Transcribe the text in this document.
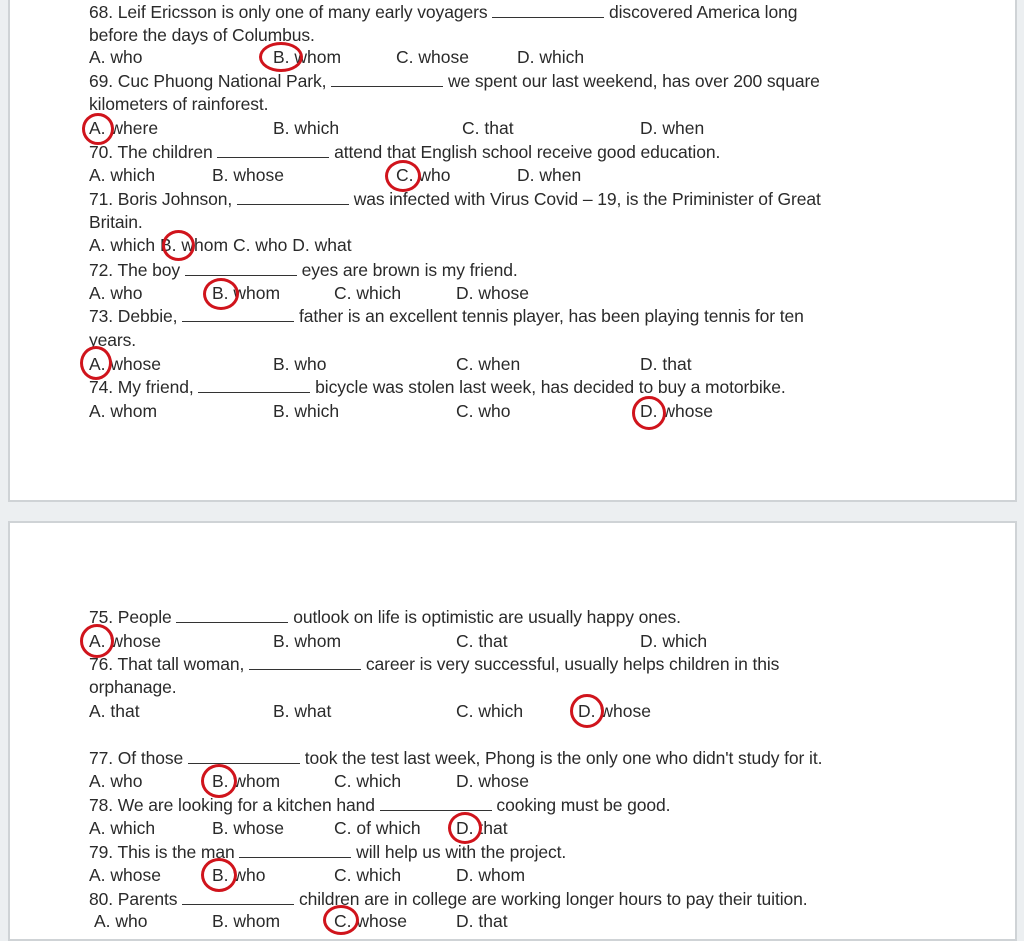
68. Leif Ericsson is only one of many early voyagers	discovered America long
before the days of Columbus.
A. who	B. whom	C. whose	D. which
69. Cuc Phuong National Park,	we spent our last weekend, has over 200 square
kilometers of rainforest.
A. where	B. which	C. that	D. when
70. The children	attend that English school receive good education.
A. which	B. whose	C. who	D. when
71. Boris Johnson,	was infected with Virus Covid – 19, is the Priminister of Great
Britain.
A. which B. whom C. who D. what
72. The boy	eyes are brown is my friend.
A. who	B. whom	C. which	D. whose
73. Debbie,	father is an excellent tennis player, has been playing tennis for ten
years.
A. whose	B. who	C. when	D. that
74. My friend,	bicycle was stolen last week, has decided to buy a motorbike.
A. whom	B. which	C. who	D. whose
75. People	outlook on life is optimistic are usually happy ones.
A. whose	B. whom	C. that	D. which
76. That tall woman,	career is very successful, usually helps children in this
orphanage.
A. that	B. what	C. which	D. whose
77. Of those	took the test last week, Phong is the only one who didn't study for it.
A. who	B. whom	C. which	D. whose
78. We are looking for a kitchen hand	cooking must be good.
A. which	B. whose	C. of which D. that
79. This is the man	will help us with the project.
A. whose	B. who	C. which	D. whom
80. Parents	children are in college are working longer hours to pay their tuition.
A. who	B. whom	C. whose	D. that
